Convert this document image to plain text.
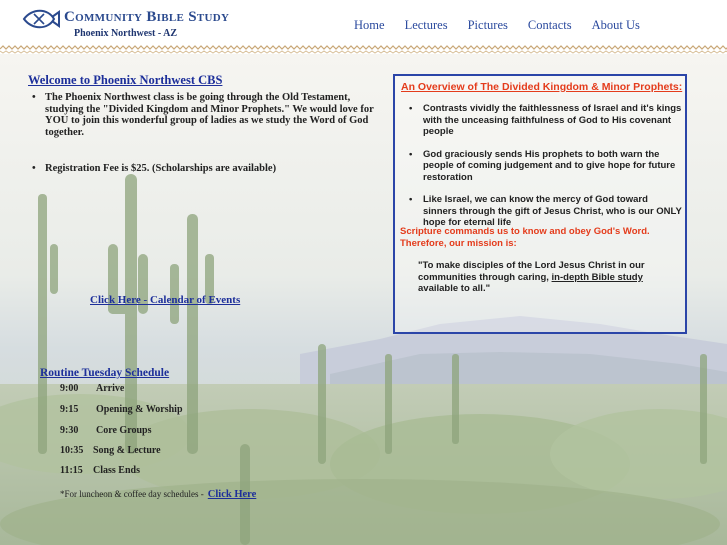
Community Bible Study
Phoenix Northwest - AZ
Home Lectures Pictures Contacts About Us
Welcome to Phoenix Northwest CBS
• The Phoenix Northwest class is be going through the Old Testament, studying the "Divided Kingdom and Minor Prophets." We would love for YOU to join this wonderful group of ladies as we study the Word of God together.
• Registration Fee is $25. (Scholarships are available)
Click Here - Calendar of Events
Routine Tuesday Schedule
9:00 Arrive
9:15 Opening & Worship
9:30 Core Groups
10:35 Song & Lecture
11:15 Class Ends
*For luncheon & coffee day schedules - Click Here
An Overview of The Divided Kingdom & Minor Prophets:
• Contrasts vividly the faithlessness of Israel and it's kings with the unceasing faithfulness of God to His covenant people
• God graciously sends His prophets to both warn the people of coming judgement and to give hope for future restoration
• Like Israel, we can know the mercy of God toward sinners through the gift of Jesus Christ, who is our ONLY hope for eternal life
Scripture commands us to know and obey God's Word. Therefore, our mission is:
"To make disciples of the Lord Jesus Christ in our communities through caring, in-depth Bible study available to all."
